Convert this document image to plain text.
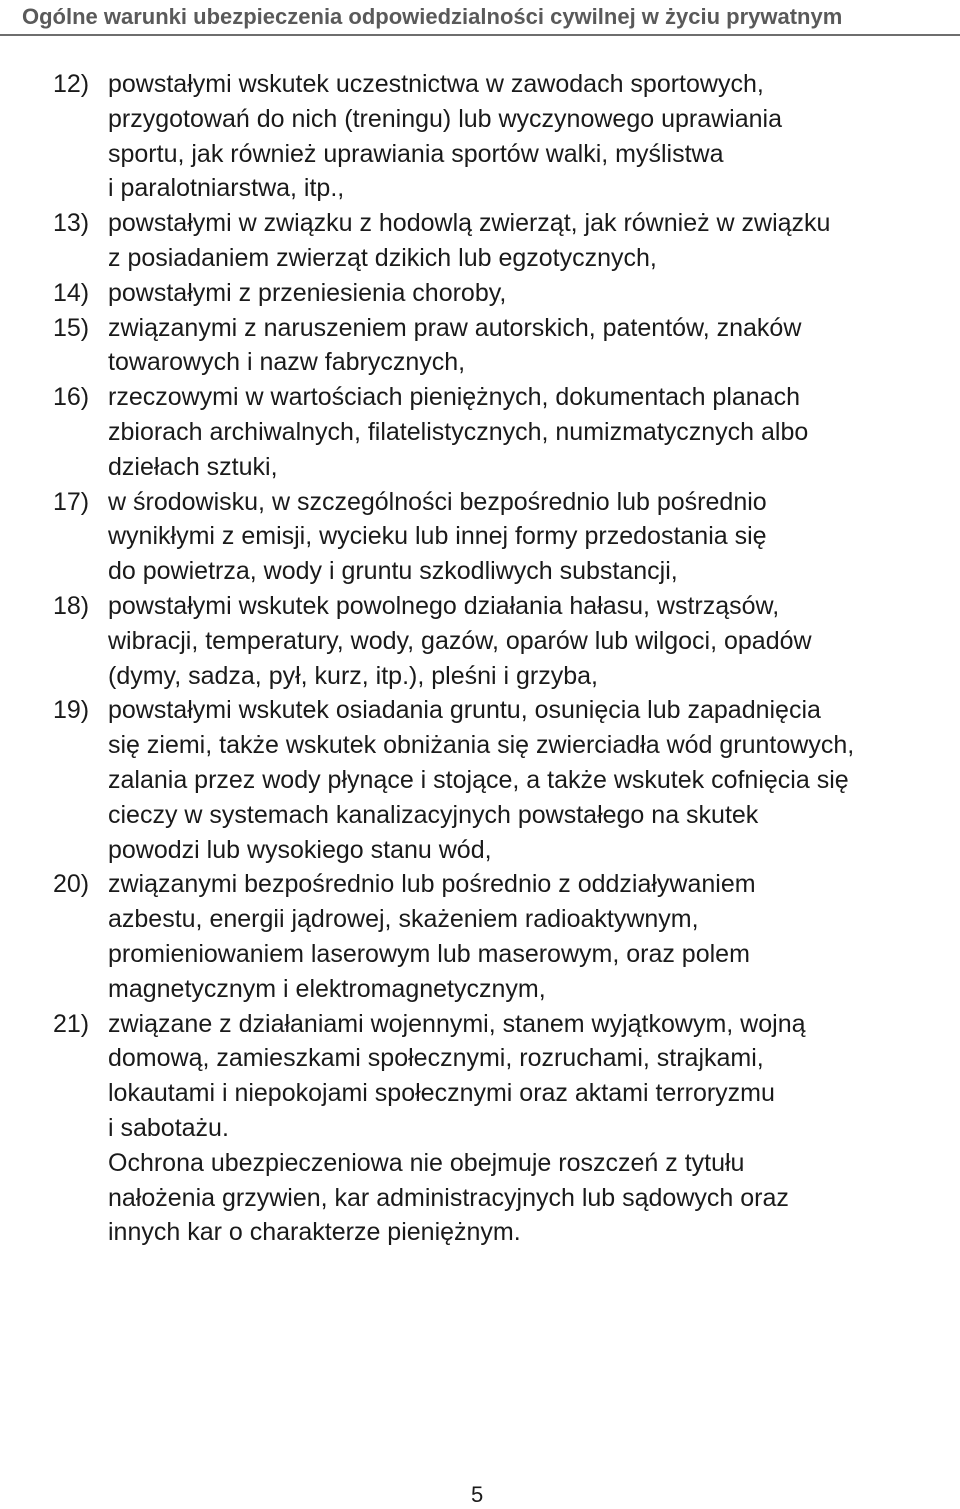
Ogólne warunki ubezpieczenia odpowiedzialności cywilnej w życiu prywatnym
12) powstałymi wskutek uczestnictwa w zawodach sportowych,
przygotowań do nich (treningu) lub wyczynowego uprawiania
sportu, jak również uprawiania sportów walki, myślistwa
i paralotniarstwa, itp.,
13) powstałymi w związku z hodowlą zwierząt, jak również w związku
z posiadaniem zwierząt dzikich lub egzotycznych,
14) powstałymi z przeniesienia choroby,
15) związanymi z naruszeniem praw autorskich, patentów, znaków
towarowych i nazw fabrycznych,
16) rzeczowymi w wartościach pieniężnych, dokumentach planach
zbiorach archiwalnych, filatelistycznych, numizmatycznych albo
dziełach sztuki,
17) w środowisku, w szczególności bezpośrednio lub pośrednio
wynikłymi z emisji, wycieku lub innej formy przedostania się
do powietrza, wody i gruntu szkodliwych substancji,
18) powstałymi wskutek powolnego działania hałasu, wstrząsów,
wibracji, temperatury, wody, gazów, oparów lub wilgoci, opadów
(dymy, sadza, pył, kurz, itp.), pleśni i grzyba,
19) powstałymi wskutek osiadania gruntu, osunięcia lub zapadnięcia
się ziemi, także wskutek obniżania się zwierciadła wód gruntowych,
zalania przez wody płynące i stojące, a także wskutek cofnięcia się
cieczy w systemach kanalizacyjnych powstałego na skutek
powodzi lub wysokiego stanu wód,
20) związanymi bezpośrednio lub pośrednio z oddziaływaniem
azbestu, energii jądrowej, skażeniem radioaktywnym,
promieniowaniem laserowym lub maserowym, oraz polem
magnetycznym i elektromagnetycznym,
21) związane z działaniami wojennymi, stanem wyjątkowym, wojną
domową, zamieszkami społecznymi, rozruchami, strajkami,
lokautami i niepokojami społecznymi oraz aktami terroryzmu
i sabotażu.
Ochrona ubezpieczeniowa nie obejmuje roszczeń z tytułu
nałożenia grzywien, kar administracyjnych lub sądowych oraz
innych kar o charakterze pieniężnym.
5
